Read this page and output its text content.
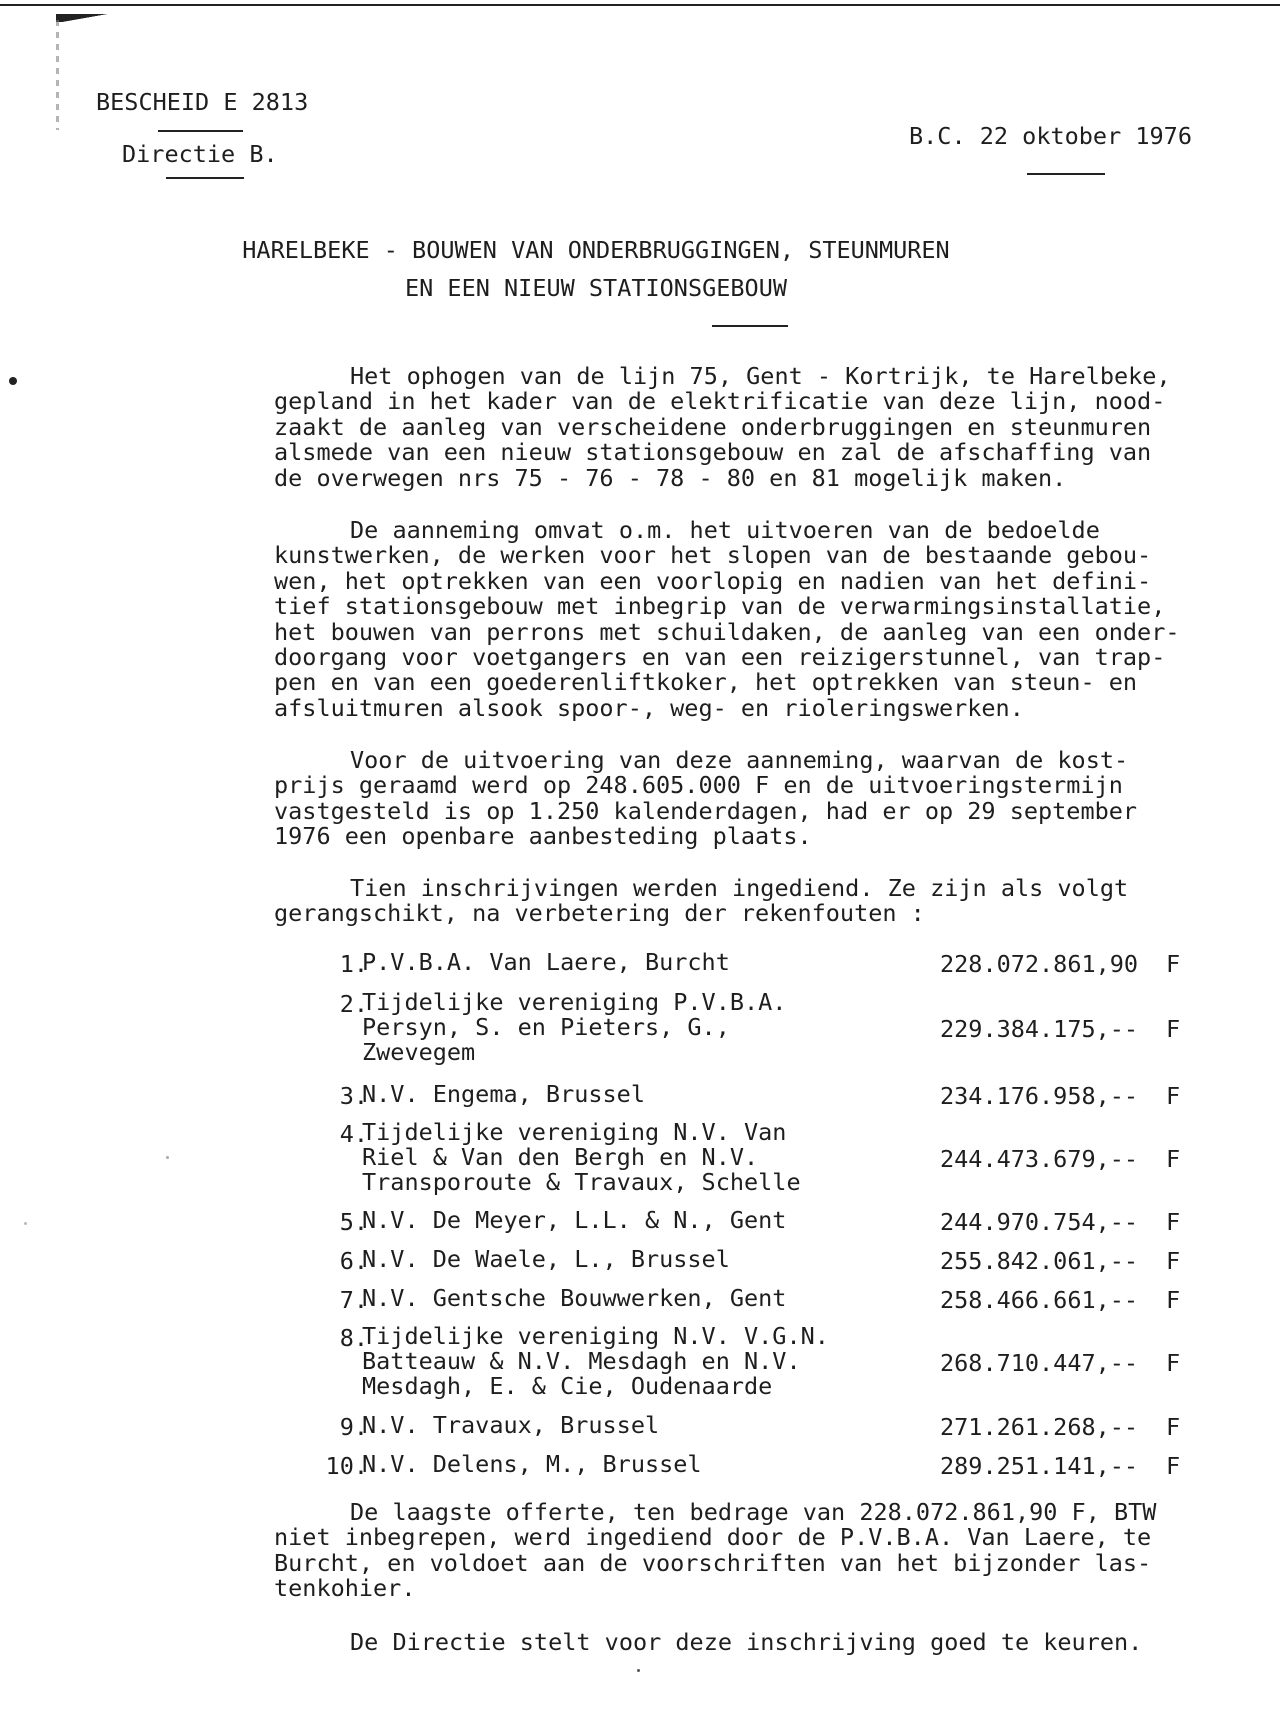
BESCHEID E 2813
Directie B.
B.C. 22 oktober 1976
HARELBEKE - BOUWEN VAN ONDERBRUGGINGEN, STEUNMUREN
EN EEN NIEUW STATIONSGEBOUW
Het ophogen van de lijn 75, Gent - Kortrijk, te Harelbeke,
gepland in het kader van de elektrificatie van deze lijn, nood-
zaakt de aanleg van verscheidene onderbruggingen en steunmuren
alsmede van een nieuw stationsgebouw en zal de afschaffing van
de overwegen nrs 75 - 76 - 78 - 80 en 81 mogelijk maken.
De aanneming omvat o.m. het uitvoeren van de bedoelde
kunstwerken, de werken voor het slopen van de bestaande gebou-
wen, het optrekken van een voorlopig en nadien van het defini-
tief stationsgebouw met inbegrip van de verwarmingsinstallatie,
het bouwen van perrons met schuildaken, de aanleg van een onder-
doorgang voor voetgangers en van een reizigerstunnel, van trap-
pen en van een goederenliftkoker, het optrekken van steun- en
afsluitmuren alsook spoor-, weg- en rioleringswerken.
Voor de uitvoering van deze aanneming, waarvan de kost-
prijs geraamd werd op 248.605.000 F en de uitvoeringstermijn
vastgesteld is op 1.250 kalenderdagen, had er op 29 september
1976 een openbare aanbesteding plaats.
Tien inschrijvingen werden ingediend. Ze zijn als volgt
gerangschikt, na verbetering der rekenfouten :
1.
P.V.B.A. Van Laere, Burcht	228.072.861,90 F
2.
Tijdelijke vereniging P.V.B.A.
Persyn, S. en Pieters, G.,
Zwevegem
229.384.175,-- F
3.
N.V. Engema, Brussel	234.176.958,-- F
4.
Tijdelijke vereniging N.V. Van
Riel & Van den Bergh en N.V.
Transporoute & Travaux, Schelle
244.473.679,-- F
5.
N.V. De Meyer, L.L. & N., Gent	244.970.754,-- F
6.
N.V. De Waele, L., Brussel	255.842.061,-- F
7.
N.V. Gentsche Bouwwerken, Gent	258.466.661,-- F
8.
Tijdelijke vereniging N.V. V.G.N.
Batteauw & N.V. Mesdagh en N.V.
Mesdagh, E. & Cie, Oudenaarde
268.710.447,-- F
9.
N.V. Travaux, Brussel	271.261.268,-- F
10.
N.V. Delens, M., Brussel	289.251.141,-- F
De laagste offerte, ten bedrage van 228.072.861,90 F, BTW
niet inbegrepen, werd ingediend door de P.V.B.A. Van Laere, te
Burcht, en voldoet aan de voorschriften van het bijzonder las-
tenkohier.
De Directie stelt voor deze inschrijving goed te keuren.
